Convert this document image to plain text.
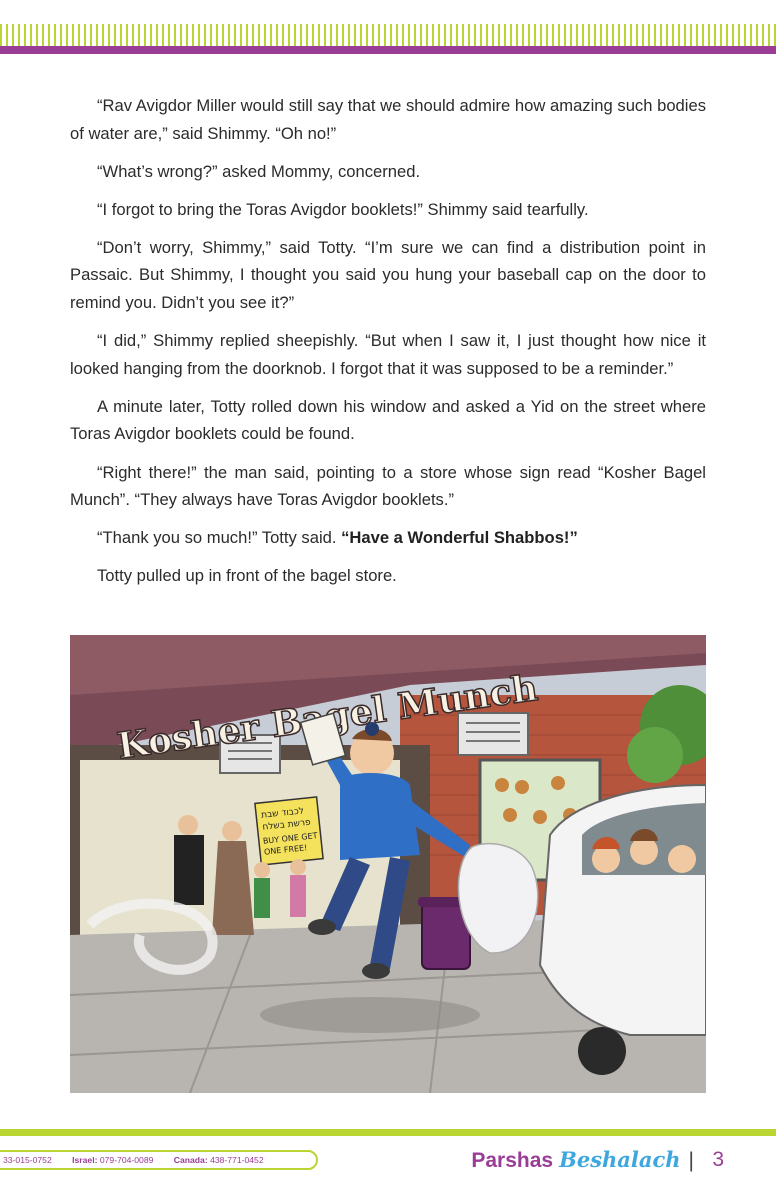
“Rav Avigdor Miller would still say that we should admire how amazing such bodies of water are,” said Shimmy. “Oh no!”

“What’s wrong?” asked Mommy, concerned.

“I forgot to bring the Toras Avigdor booklets!” Shimmy said tearfully.

“Don’t worry, Shimmy,” said Totty. “I’m sure we can find a distribution point in Passaic. But Shimmy, I thought you said you hung your baseball cap on the door to remind you. Didn’t you see it?”

“I did,” Shimmy replied sheepishly. “But when I saw it, I just thought how nice it looked hanging from the doorknob. I forgot that it was supposed to be a reminder.”

A minute later, Totty rolled down his window and asked a Yid on the street where Toras Avigdor booklets could be found.

“Right there!” the man said, pointing to a store whose sign read “Kosher Bagel Munch”. “They always have Toras Avigdor booklets.”

“Thank you so much!” Totty said. “Have a Wonderful Shabbos!”

Totty pulled up in front of the bagel store.

Kosher Munch
לכבוד שבת
פרשת בשלח
BUY ONE GET
ONE FREE!
33-015-0752 Israel: 079-704-0089 Canada: 438-771-0452	Parshas Beshalach | 3
